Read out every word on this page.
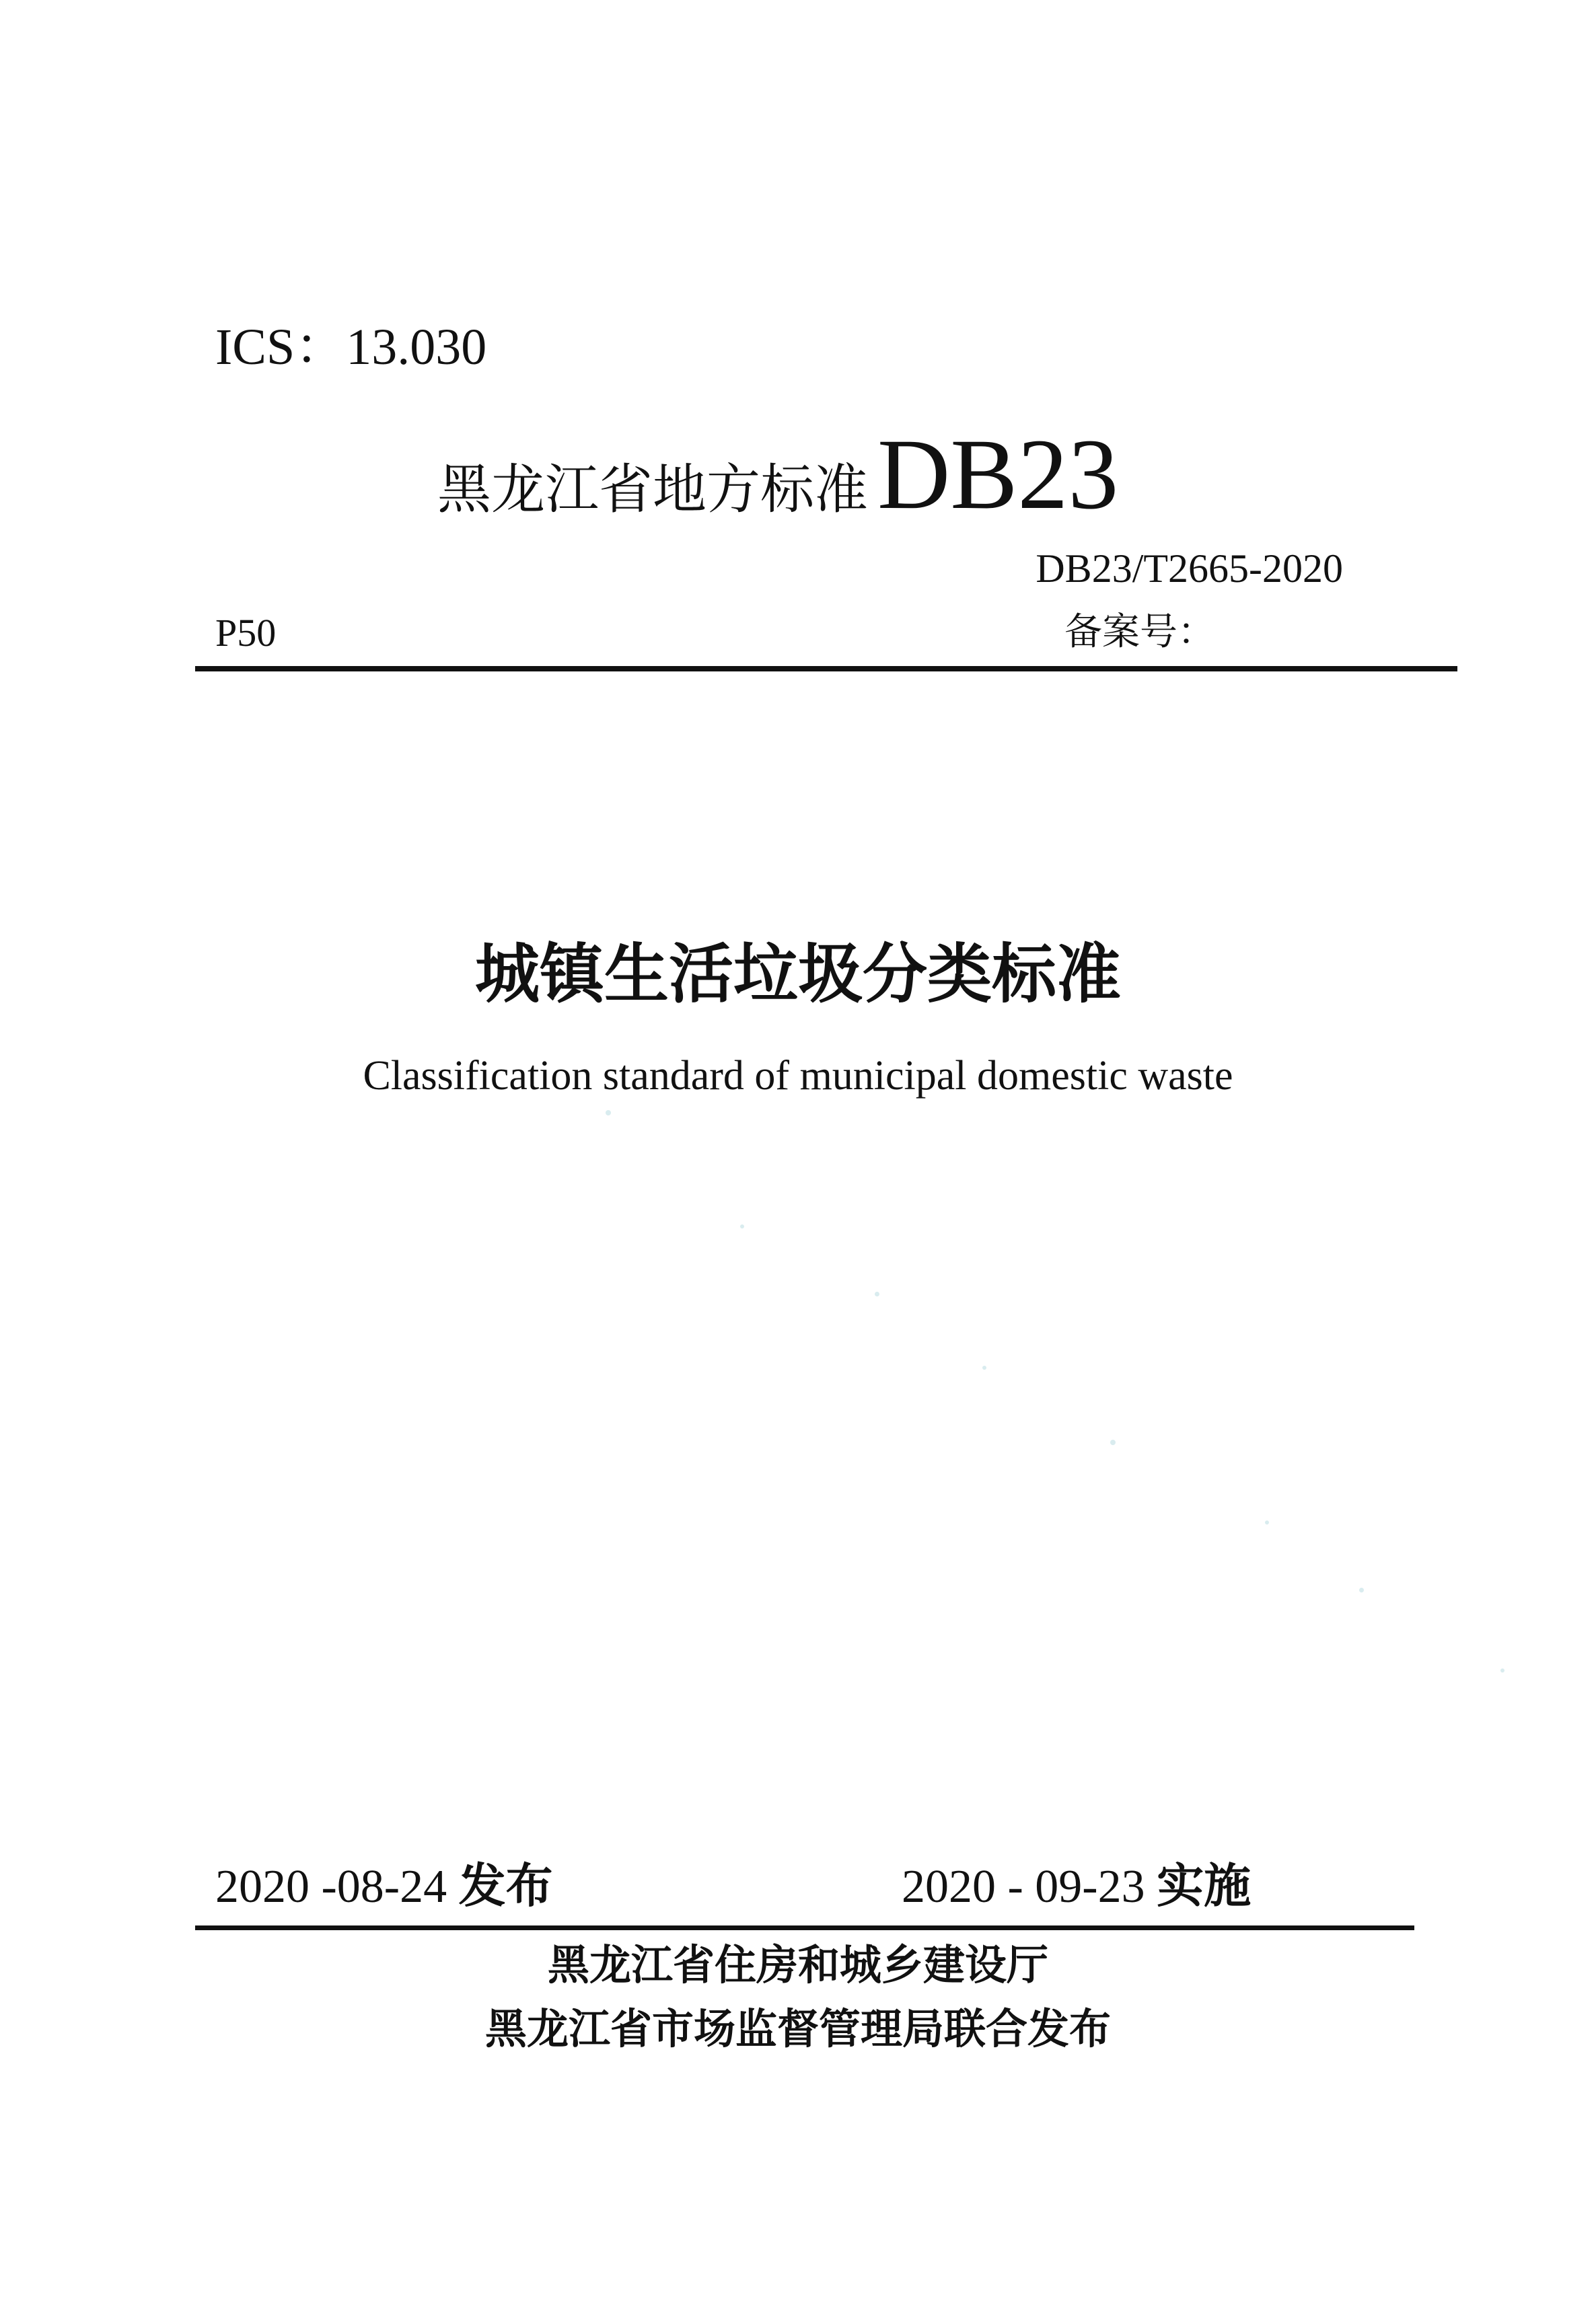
ICS：13.030
黑龙江省地方标准DB23
DB23/T2665-2020
P50	备案号：
城镇生活垃圾分类标准
Classification standard of municipal domestic waste
2020 -08-24 发布	2020 - 09-23 实施
黑龙江省住房和城乡建设厅
黑龙江省市场监督管理局联合发布
